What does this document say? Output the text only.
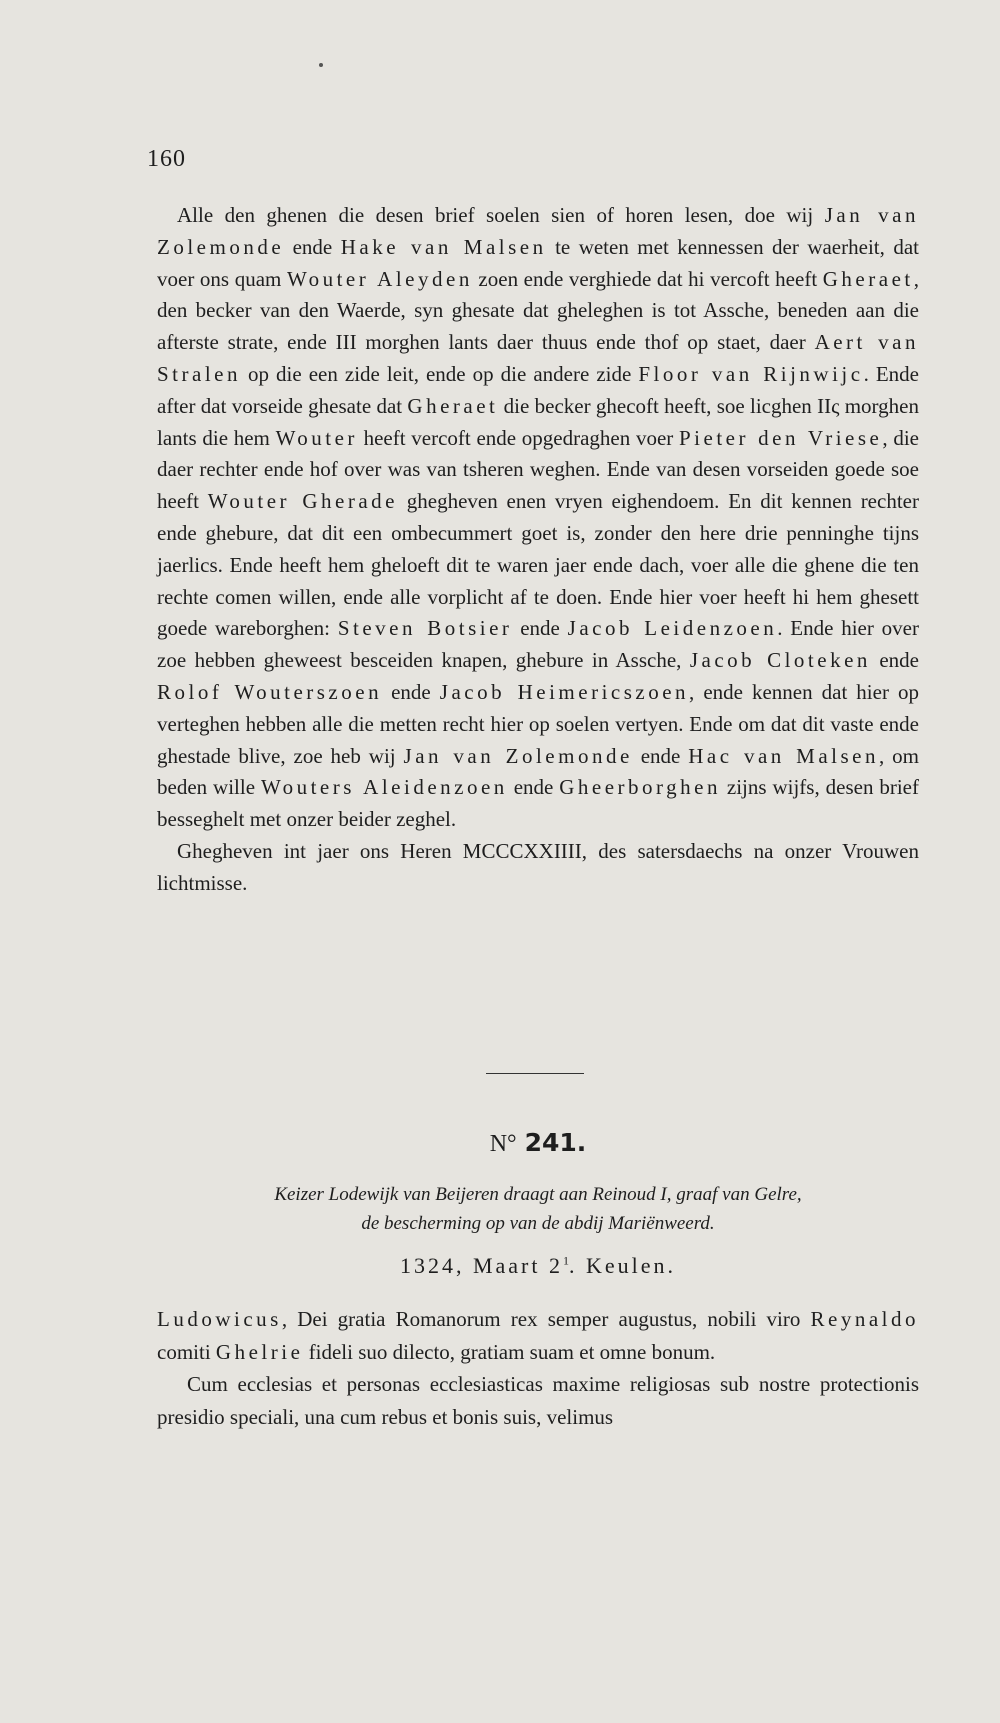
160

Alle den ghenen die desen brief soelen sien of horen lesen, doe wij Jan van Zolemonde ende Hake van Malsen te weten met kennessen der waerheit, dat voer ons quam Wouter Aleyden zoen ende verghiede dat hi vercoft heeft Gheraet, den becker van den Waerde, syn ghesate dat gheleghen is tot Assche, beneden aan die afterste strate, ende III morghen lants daer thuus ende thof op staet, daer Aert van Stralen op die een zide leit, ende op die andere zide Floor van Rijnwijc. Ende after dat vorseide ghesate dat Gheraet die becker ghecoft heeft, soe licghen IIς morghen lants die hem Wouter heeft vercoft ende opgedraghen voer Pieter den Vriese, die daer rechter ende hof over was van tsheren weghen. Ende van desen vorseiden goede soe heeft Wouter Gherade ghegheven enen vryen eighendoem. En dit kennen rechter ende ghebure, dat dit een ombecummert goet is, zonder den here drie penninghe tijns jaerlics. Ende heeft hem gheloeft dit te waren jaer ende dach, voer alle die ghene die ten rechte comen willen, ende alle vorplicht af te doen. Ende hier voer heeft hi hem ghesett goede wareborghen: Steven Botsier ende Jacob Leidenzoen. Ende hier over zoe hebben gheweest besceiden knapen, ghebure in Assche, Jacob Cloteken ende Rolof Wouterszoen ende Jacob Heimericszoen, ende kennen dat hier op verteghen hebben alle die metten recht hier op soelen vertyen. Ende om dat dit vaste ende ghestade blive, zoe heb wij Jan van Zolemonde ende Hac van Malsen, om beden wille Wouters Aleidenzoen ende Gheerborghen zijns wijfs, desen brief besseghelt met onzer beider zeghel.

Ghegheven int jaer ons Heren MCCCXXIIII, des satersdaechs na onzer Vrouwen lichtmisse.

N° 241.
Keizer Lodewijk van Beijeren draagt aan Reinoud I, graaf van Gelre,
de bescherming op van de abdij Mariënweerd.
1324, Maart $2^1$. Keulen.

Ludowicus, Dei gratia Romanorum rex semper augustus, nobili viro Reynaldo comiti Ghelrie fideli suo dilecto, gratiam suam et omne bonum.

Cum ecclesias et personas ecclesiasticas maxime religiosas sub nostre protectionis presidio speciali, una cum rebus et bonis suis, velimus
